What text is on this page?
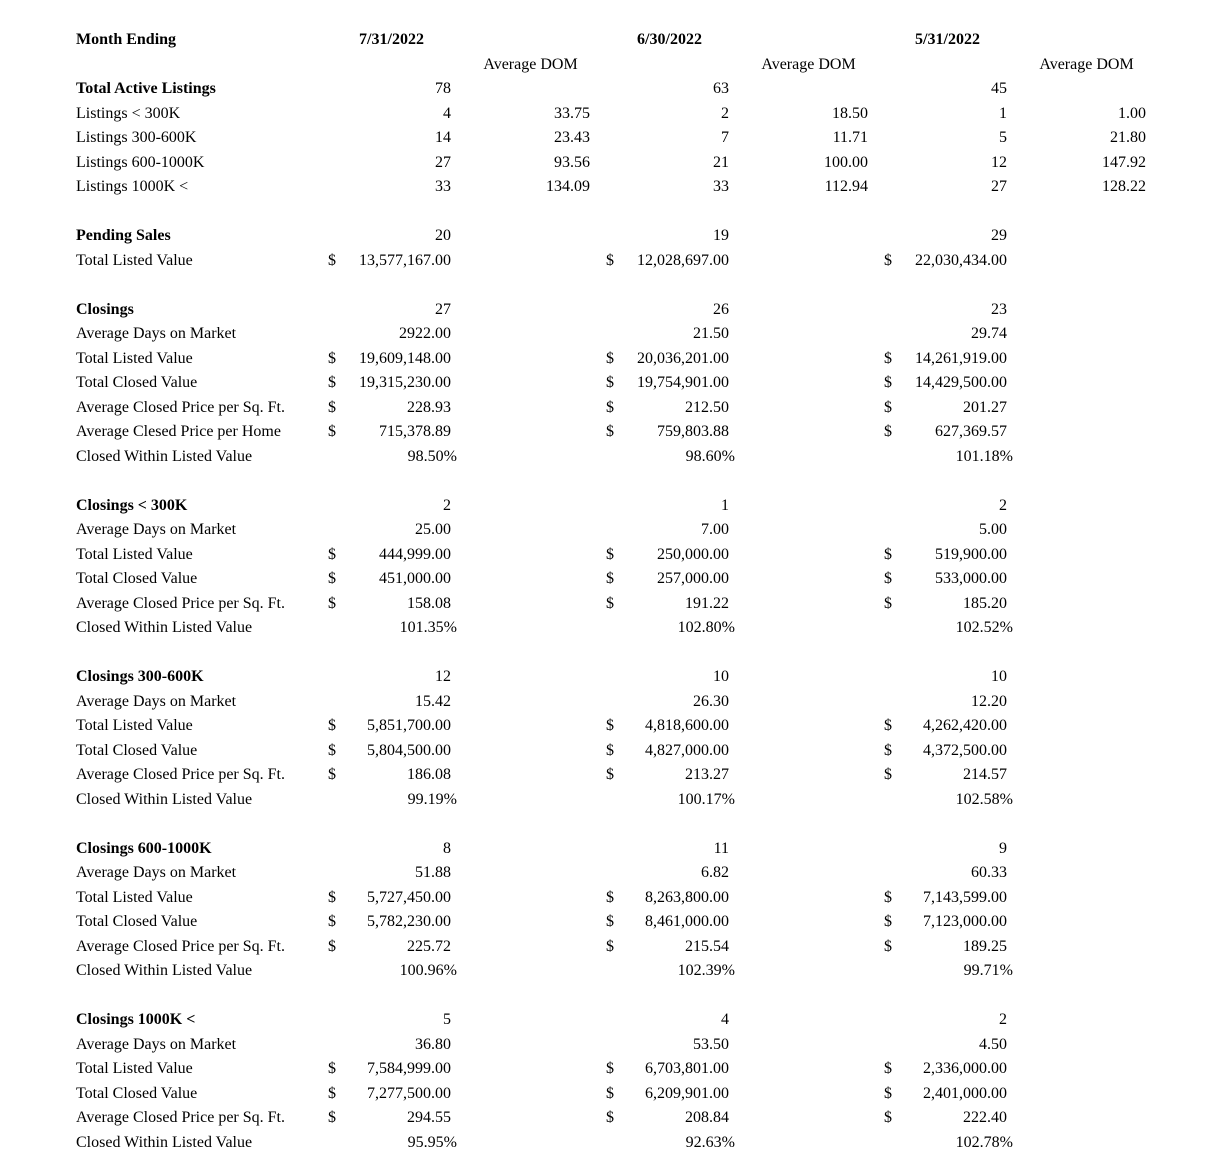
Month Ending	7/31/2022		6/30/2022		5/31/2022	
		Average DOM		Average DOM		Average DOM
Total Active Listings	78		63		45	
Listings < 300K	4	33.75	2	18.50	1	1.00
Listings 300-600K	14	23.43	7	11.71	5	21.80
Listings 600-1000K	27	93.56	21	100.00	12	147.92
Listings 1000K <	33	134.09	33	112.94	27	128.22

Pending Sales	20		19		29	
Total Listed Value	$ 13,577,167.00		$ 12,028,697.00		$ 22,030,434.00	

Closings	27		26		23	
Average Days on Market	2922.00		21.50		29.74	
Total Listed Value	$ 19,609,148.00		$ 20,036,201.00		$ 14,261,919.00	
Total Closed Value	$ 19,315,230.00		$ 19,754,901.00		$ 14,429,500.00	
Average Closed Price per Sq. Ft.	$ 228.93		$ 212.50		$ 201.27	
Average Clesed Price per Home	$ 715,378.89		$ 759,803.88		$ 627,369.57	
Closed Within Listed Value	98.50%		98.60%		101.18%	

Closings < 300K	2		1		2	
Average Days on Market	25.00		7.00		5.00	
Total Listed Value	$ 444,999.00		$ 250,000.00		$ 519,900.00	
Total Closed Value	$ 451,000.00		$ 257,000.00		$ 533,000.00	
Average Closed Price per Sq. Ft.	$ 158.08		$ 191.22		$ 185.20	
Closed Within Listed Value	101.35%		102.80%		102.52%	

Closings 300-600K	12		10		10	
Average Days on Market	15.42		26.30		12.20	
Total Listed Value	$ 5,851,700.00		$ 4,818,600.00		$ 4,262,420.00	
Total Closed Value	$ 5,804,500.00		$ 4,827,000.00		$ 4,372,500.00	
Average Closed Price per Sq. Ft.	$ 186.08		$ 213.27		$ 214.57	
Closed Within Listed Value	99.19%		100.17%		102.58%	

Closings 600-1000K	8		11		9	
Average Days on Market	51.88		6.82		60.33	
Total Listed Value	$ 5,727,450.00		$ 8,263,800.00		$ 7,143,599.00	
Total Closed Value	$ 5,782,230.00		$ 8,461,000.00		$ 7,123,000.00	
Average Closed Price per Sq. Ft.	$ 225.72		$ 215.54		$ 189.25	
Closed Within Listed Value	100.96%		102.39%		99.71%	

Closings 1000K <	5		4		2	
Average Days on Market	36.80		53.50		4.50	
Total Listed Value	$ 7,584,999.00		$ 6,703,801.00		$ 2,336,000.00	
Total Closed Value	$ 7,277,500.00		$ 6,209,901.00		$ 2,401,000.00	
Average Closed Price per Sq. Ft.	$ 294.55		$ 208.84		$ 222.40	
Closed Within Listed Value	95.95%		92.63%		102.78%	
